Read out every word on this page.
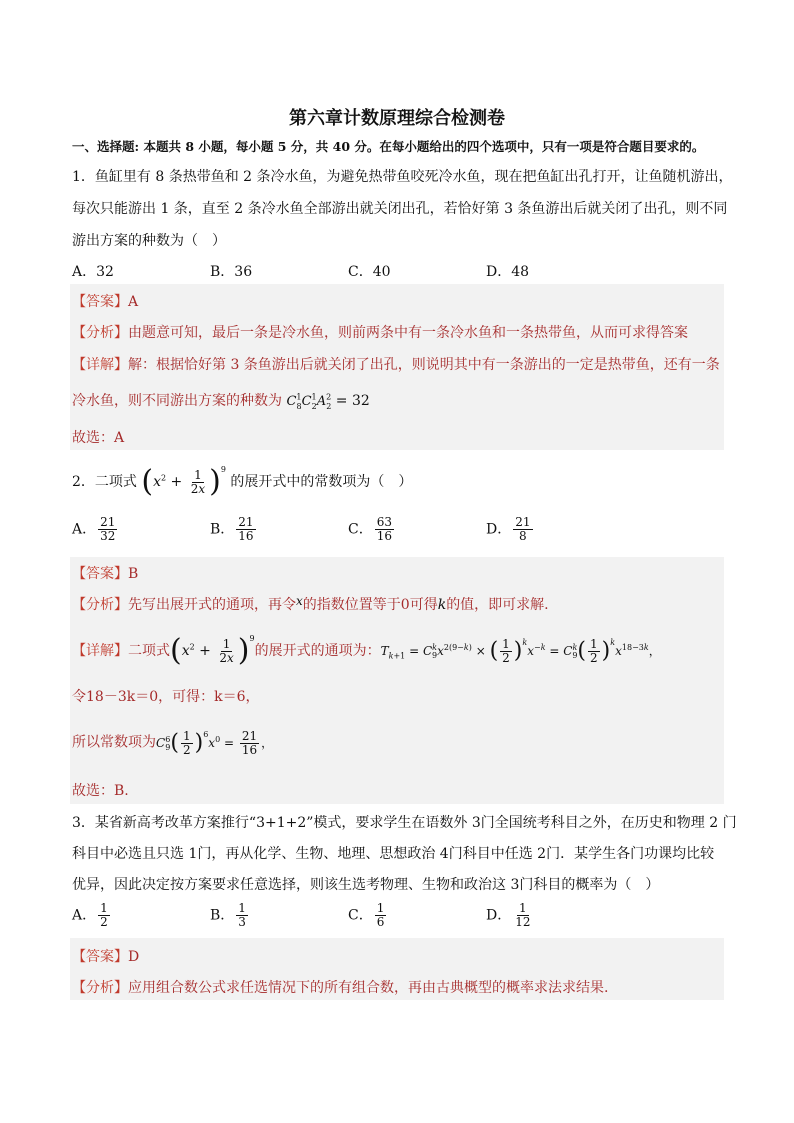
第六章计数原理综合检测卷
一、选择题: 本题共 8 小题，每小题 5 分，共 40 分。在每小题给出的四个选项中，只有一项是符合题目要求的。
1．鱼缸里有 8 条热带鱼和 2 条冷水鱼，为避免热带鱼咬死冷水鱼，现在把鱼缸出孔打开，让鱼随机游出，
每次只能游出 1 条，直至 2 条冷水鱼全部游出就关闭出孔，若恰好第 3 条鱼游出后就关闭了出孔，则不同
游出方案的种数为（　）
A．32	B．36	C．40	D．48
【答案】A
【分析】由题意可知，最后一条是冷水鱼，则前两条中有一条冷水鱼和一条热带鱼，从而可求得答案
【详解】解：根据恰好第 3 条鱼游出后就关闭了出孔，则说明其中有一条游出的一定是热带鱼，还有一条
冷水鱼，则不同游出方案的种数为 $C^1_8C^1_2A^2_2 = 32$
故选：A
2．二项式 $(x^2 + \frac{1}{2x} )^9$ 的展开式中的常数项为（　）
A． $\frac{21}{32}$	B． $\frac{21}{16}$	C． $\frac{63}{16}$	D． $\frac{21}{8}$
【答案】B
【分析】先写出展开式的通项，再令x的指数位置等于0可得k的值，即可求解.
【详解】二项式$(x^2 + \frac{1}{2x} )^9$的展开式的通项为：$T_{k+1} = C^k_9x^{2(9-k)}$ × ( $\frac{1}{2} )^kx^{-k} = C^k_9( \frac{1}{2} )^kx^{18-3k}$，
令18－3k＝0，可得：k＝6，
所以常数项为$C^6_9( \frac{1}{2} )^6x^0 = \frac{21}{16}$ ，
故选：B.
3．某省新高考改革方案推行“3+1+2”模式，要求学生在语数外 3门全国统考科目之外，在历史和物理 2 门
科目中必选且只选 1门，再从化学、生物、地理、思想政治 4门科目中任选 2门．某学生各门功课均比较
优异，因此决定按方案要求任意选择，则该生选考物理、生物和政治这 3门科目的概率为（　）
A． $\frac{1}{2}$	B． $\frac{1}{3}$	C． $\frac{1}{6}$	D． $\frac{1}{12}$
【答案】D
【分析】应用组合数公式求任选情况下的所有组合数，再由古典概型的概率求法求结果.
